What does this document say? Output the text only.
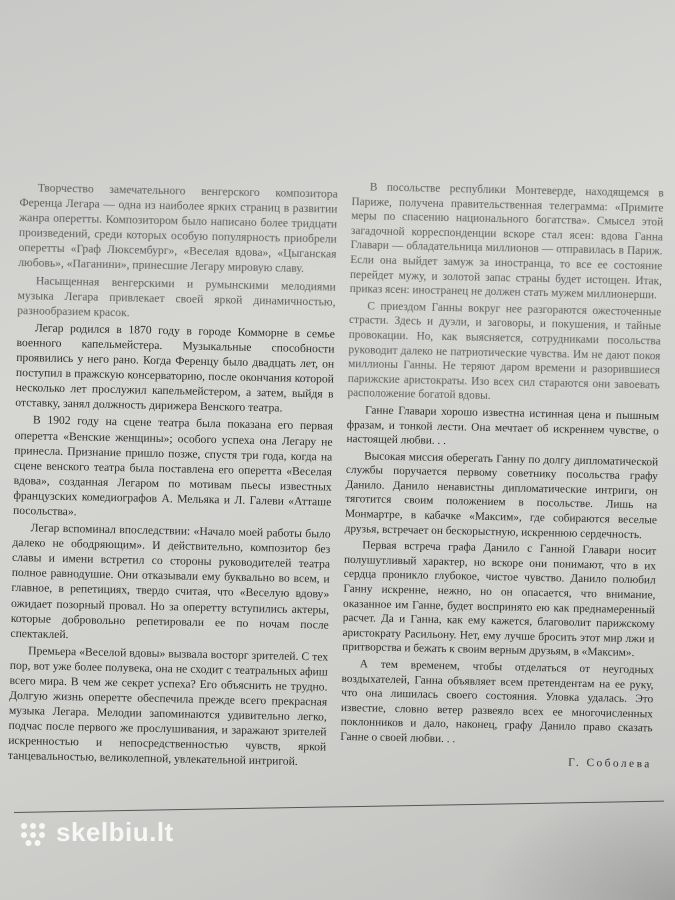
Творчество замечательного венгерского композитора Ференца Легара — одна из наиболее ярких страниц в развитии жанра оперетты. Композитором было написано более тридцати произведений, среди которых особую популярность приобрели оперетты «Граф Люксембург», «Веселая вдова», «Цыганская любовь», «Паганини», принесшие Легару мировую славу.

Насыщенная венгерскими и румынскими мелодиями музыка Легара привлекает своей яркой динамичностью, разнообразием красок.

Легар родился в 1870 году в городе Комморне в семье военного капельмейстера. Музыкальные способности проявились у него рано. Когда Ференцу было двадцать лет, он поступил в пражскую консерваторию, после окончания которой несколько лет прослужил капельмейстером, а затем, выйдя в отставку, занял должность дирижера Венского театра.

В 1902 году на сцене театра была показана его первая оперетта «Венские женщины»; особого успеха она Легару не принесла. Признание пришло позже, спустя три года, когда на сцене венского театра была поставлена его оперетта «Веселая вдова», созданная Легаром по мотивам пьесы известных французских комедиографов А. Мельяка и Л. Галеви «Атташе посольства».

Легар вспоминал впоследствии: «Начало моей работы было далеко не ободряющим». И действительно, композитор без славы и имени встретил со стороны руководителей театра полное равнодушие. Они отказывали ему буквально во всем, и главное, в репетициях, твердо считая, что «Веселую вдову» ожидает позорный провал. Но за оперетту вступились актеры, которые добровольно репетировали ее по ночам после спектаклей.

Премьера «Веселой вдовы» вызвала восторг зрителей. С тех пор, вот уже более полувека, она не сходит с театральных афиш всего мира. В чем же секрет успеха? Его объяснить не трудно. Долгую жизнь оперетте обеспечила прежде всего прекрасная музыка Легара. Мелодии запоминаются удивительно легко, подчас после первого же прослушивания, и заражают зрителей искренностью и непосредственностью чувств, яркой танцевальностью, великолепной, увлекательной интригой.

В посольстве республики Монтеверде, находящемся в Париже, получена правительственная телеграмма: «Примите меры по спасению национального богатства». Смысел этой загадочной корреспонденции вскоре стал ясен: вдова Ганна Главари — обладательница миллионов — отправилась в Париж. Если она выйдет замуж за иностранца, то все ее состояние перейдет мужу, и золотой запас страны будет истощен. Итак, приказ ясен: иностранец не должен стать мужем миллионерши.

С приездом Ганны вокруг нее разгораются ожесточенные страсти. Здесь и дуэли, и заговоры, и покушения, и тайные провокации. Но, как выясняется, сотрудниками посольства руководит далеко не патриотические чувства. Им не дают покоя миллионы Ганны. Не теряют даром времени и разорившиеся парижские аристократы. Изо всех сил стараются они завоевать расположение богатой вдовы.

Ганне Главари хорошо известна истинная цена и пышным фразам, и тонкой лести. Она мечтает об искреннем чувстве, о настоящей любви. . .

Высокая миссия оберегать Ганну по долгу дипломатической службы поручается первому советнику посольства графу Данило. Данило ненавистны дипломатические интриги, он тяготится своим положением в посольстве. Лишь на Монмартре, в кабачке «Максим», где собираются веселые друзья, встречает он бескорыстную, искреннюю сердечность.

Первая встреча графа Данило с Ганной Главари носит полушутливый характер, но вскоре они понимают, что в их сердца проникло глубокое, чистое чувство. Данило полюбил Ганну искренне, нежно, но он опасается, что внимание, оказанное им Ганне, будет воспринято ею как преднамеренный расчет. Да и Ганна, как ему кажется, благоволит парижскому аристократу Расильону. Нет, ему лучше бросить этот мир лжи и притворства и бежать к своим верным друзьям, в «Максим».

А тем временем, чтобы отделаться от неугодных воздыхателей, Ганна объявляет всем претендентам на ее руку, что она лишилась своего состояния. Уловка удалась. Это известие, словно ветер развеяло всех ее многочисленных поклонников и дало, наконец, графу Данило право сказать Ганне о своей любви. . .

Г. Соболева

skelbiu.lt
